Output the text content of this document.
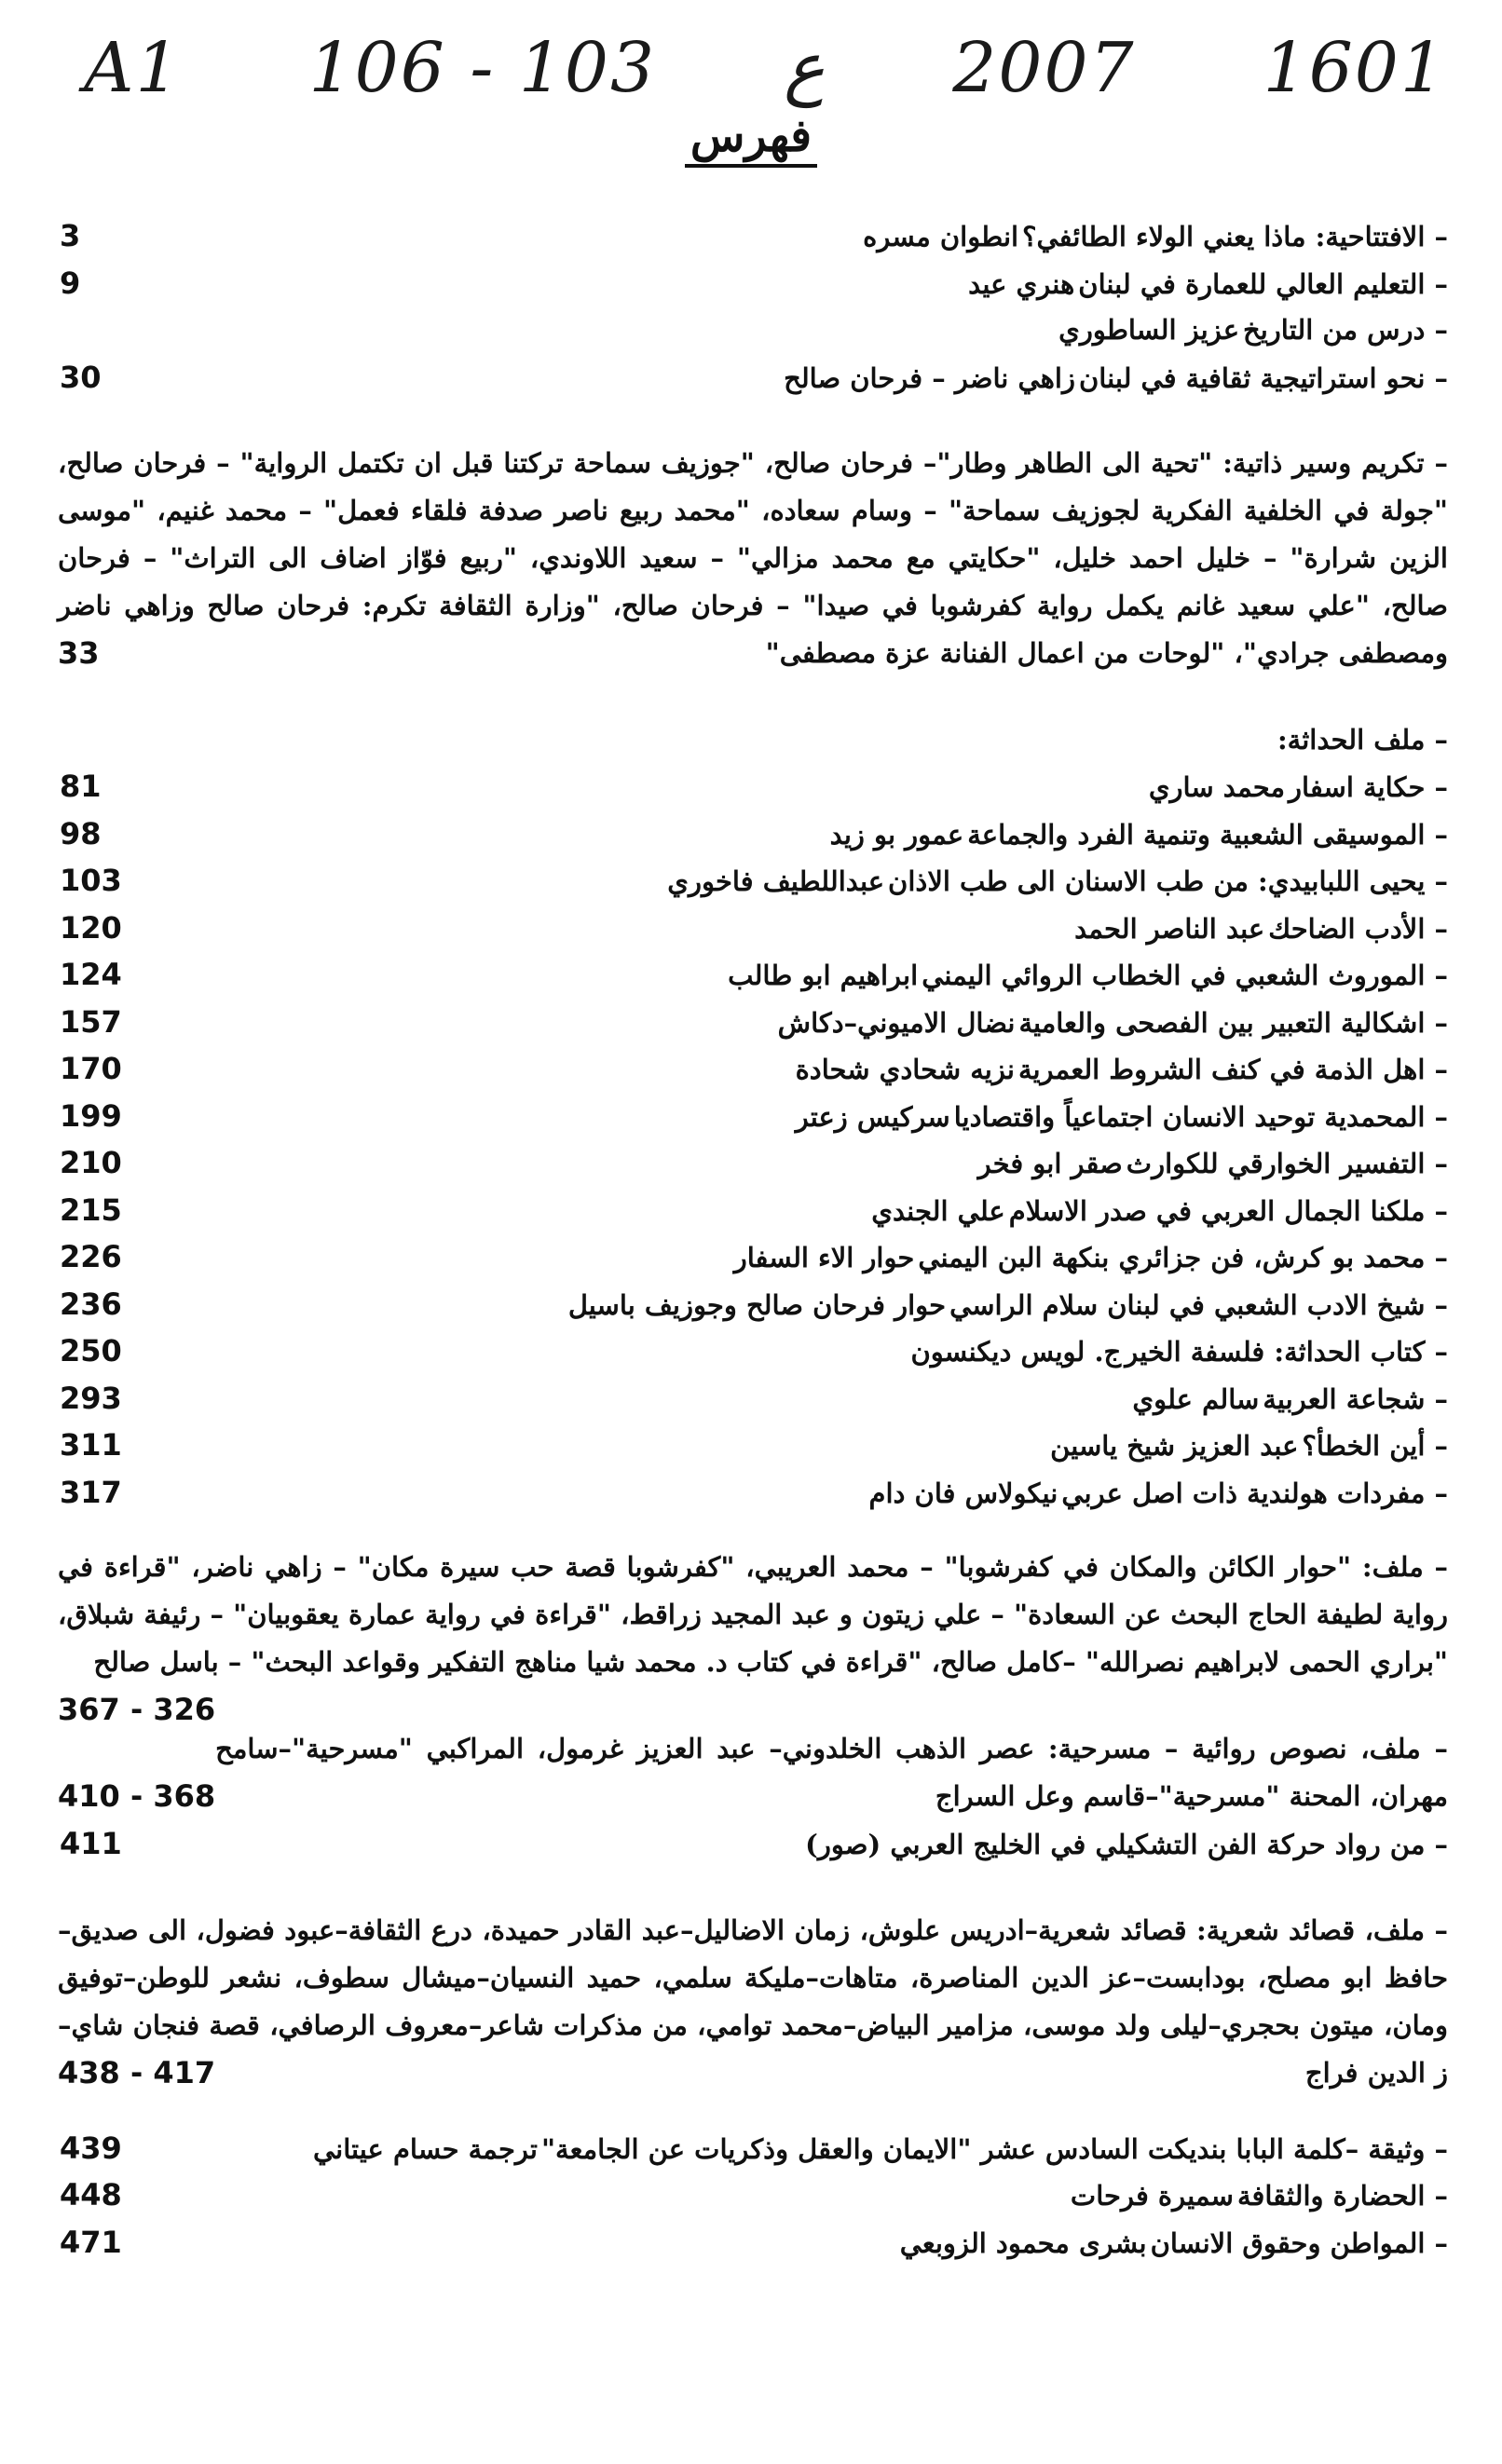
A1 106 - 103 ع 2007 1601
فهرس
– الافتتاحية: ماذا يعني الولاء الطائفي؟
انطوان مسره
3
– التعليم العالي للعمارة في لبنان
هنري عيد
9
– درس من التاريخ
عزيز الساطوري
– نحو استراتيجية ثقافية في لبنان
زاهي ناضر – فرحان صالح
30
– تكريم وسير ذاتية: "تحية الى الطاهر وطار"– فرحان صالح، "جوزيف سماحة تركتنا قبل ان تكتمل الرواية" – فرحان صالح، "جولة في الخلفية الفكرية لجوزيف سماحة" – وسام سعاده، "محمد ربيع ناصر صدفة فلقاء فعمل" – محمد غنيم، "موسى الزين شرارة" – خليل احمد خليل، "حكايتي مع محمد مزالي" – سعيد اللاوندي، "ربيع فوّاز اضاف الى التراث" – فرحان صالح، "علي سعيد غانم يكمل رواية كفرشوبا في صيدا" – فرحان صالح، "وزارة الثقافة تكرم: فرحان صالح وزاهي ناضر ومصطفى جرادي"، "لوحات من اعمال الفنانة عزة مصطفى"
33
– ملف الحداثة:
– حكاية اسفار
محمد ساري
81
– الموسيقى الشعبية وتنمية الفرد والجماعة
عمور بو زيد
98
– يحيى اللبابيدي: من طب الاسنان الى طب الاذان
عبداللطيف فاخوري
103
– الأدب الضاحك
عبد الناصر الحمد
120
– الموروث الشعبي في الخطاب الروائي اليمني
ابراهيم ابو طالب
124
– اشكالية التعبير بين الفصحى والعامية
نضال الاميوني–دكاش
157
– اهل الذمة في كنف الشروط العمرية
نزيه شحادي شحادة
170
– المحمدية توحيد الانسان اجتماعياً واقتصاديا
سركيس زعتر
199
– التفسير الخوارقي للكوارث
صقر ابو فخر
210
– ملكنا الجمال العربي في صدر الاسلام
علي الجندي
215
– محمد بو كرش، فن جزائري بنكهة البن اليمني
حوار الاء السفار
226
– شيخ الادب الشعبي في لبنان سلام الراسي
حوار فرحان صالح وجوزيف باسيل
236
– كتاب الحداثة: فلسفة الخير
ج. لويس ديكنسون
250
– شجاعة العربية
سالم علوي
293
– أين الخطأ؟
عبد العزيز شيخ ياسين
311
– مفردات هولندية ذات اصل عربي
نيكولاس فان دام
317
– ملف: "حوار الكائن والمكان في كفرشوبا" – محمد العريبي، "كفرشوبا قصة حب سيرة مكان" – زاهي ناضر، "قراءة في رواية لطيفة الحاج البحث عن السعادة" – علي زيتون و عبد المجيد زراقط، "قراءة في رواية عمارة يعقوبيان" – رئيفة شبلاق، "براري الحمى لابراهيم نصرالله" –كامل صالح، "قراءة في كتاب د. محمد شيا مناهج التفكير وقواعد البحث" – باسل صالح
367 - 326
– ملف، نصوص روائية – مسرحية: عصر الذهب الخلدوني– عبد العزيز غرمول، المراكبي "مسرحية"–سامح مهران، المحنة "مسرحية"–قاسم وعل السراج
410 - 368
– من رواد حركة الفن التشكيلي في الخليج العربي (صور)
411
– ملف، قصائد شعرية: قصائد شعرية–ادريس علوش، زمان الاضاليل–عبد القادر حميدة، درع الثقافة–عبود فضول، الى صديق–حافظ ابو مصلح، بودابست–عز الدين المناصرة، متاهات–مليكة سلمي، حميد النسيان–ميشال سطوف، نشعر للوطن–توفيق ومان، ميتون بحجري–ليلى ولد موسى، مزامير البياض–محمد توامي، من مذكرات شاعر–معروف الرصافي، قصة فنجان شاي–ز الدين فراج
438 - 417
– وثيقة –كلمة البابا بنديكت السادس عشر "الايمان والعقل وذكريات عن الجامعة"
ترجمة حسام عيتاني
439
– الحضارة والثقافة
سميرة فرحات
448
– المواطن وحقوق الانسان
بشرى محمود الزوبعي
471
